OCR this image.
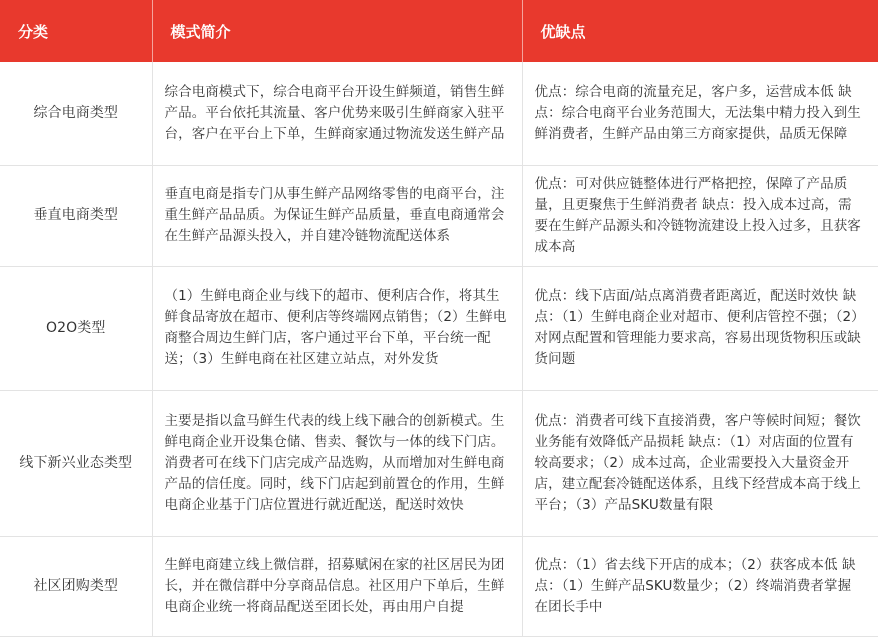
分类	模式简介	优缺点
综合电商类型	综合电商模式下，综合电商平台开设生鲜频道，销售生鲜产品。平台依托其流量、客户优势来吸引生鲜商家入驻平台，客户在平台上下单，生鲜商家通过物流发送生鲜产品	优点：综合电商的流量充足，客户多，运营成本低 缺点：综合电商平台业务范围大，无法集中精力投入到生鲜消费者，生鲜产品由第三方商家提供，品质无保障
垂直电商类型	垂直电商是指专门从事生鲜产品网络零售的电商平台，注重生鲜产品品质。为保证生鲜产品质量，垂直电商通常会在生鲜产品源头投入，并自建冷链物流配送体系	优点：可对供应链整体进行严格把控，保障了产品质量，且更聚焦于生鲜消费者 缺点：投入成本过高，需要在生鲜产品源头和冷链物流建设上投入过多，且获客成本高
O2O类型	（1）生鲜电商企业与线下的超市、便利店合作，将其生鲜食品寄放在超市、便利店等终端网点销售；（2）生鲜电商整合周边生鲜门店，客户通过平台下单，平台统一配送；（3）生鲜电商在社区建立站点，对外发货	优点：线下店面/站点离消费者距离近，配送时效快 缺点：（1）生鲜电商企业对超市、便利店管控不强；（2）对网点配置和管理能力要求高，容易出现货物积压或缺货问题
线下新兴业态类型	主要是指以盒马鲜生代表的线上线下融合的创新模式。生鲜电商企业开设集仓储、售卖、餐饮与一体的线下门店。消费者可在线下门店完成产品选购，从而增加对生鲜电商产品的信任度。同时，线下门店起到前置仓的作用，生鲜电商企业基于门店位置进行就近配送，配送时效快	优点：消费者可线下直接消费，客户等候时间短；餐饮业务能有效降低产品损耗 缺点：（1）对店面的位置有较高要求；（2）成本过高，企业需要投入大量资金开店，建立配套冷链配送体系，且线下经营成本高于线上平台；（3）产品SKU数量有限
社区团购类型	生鲜电商建立线上微信群，招募赋闲在家的社区居民为团长，并在微信群中分享商品信息。社区用户下单后，生鲜电商企业统一将商品配送至团长处，再由用户自提	优点：（1）省去线下开店的成本；（2）获客成本低 缺点：（1）生鲜产品SKU数量少；（2）终端消费者掌握在团长手中
